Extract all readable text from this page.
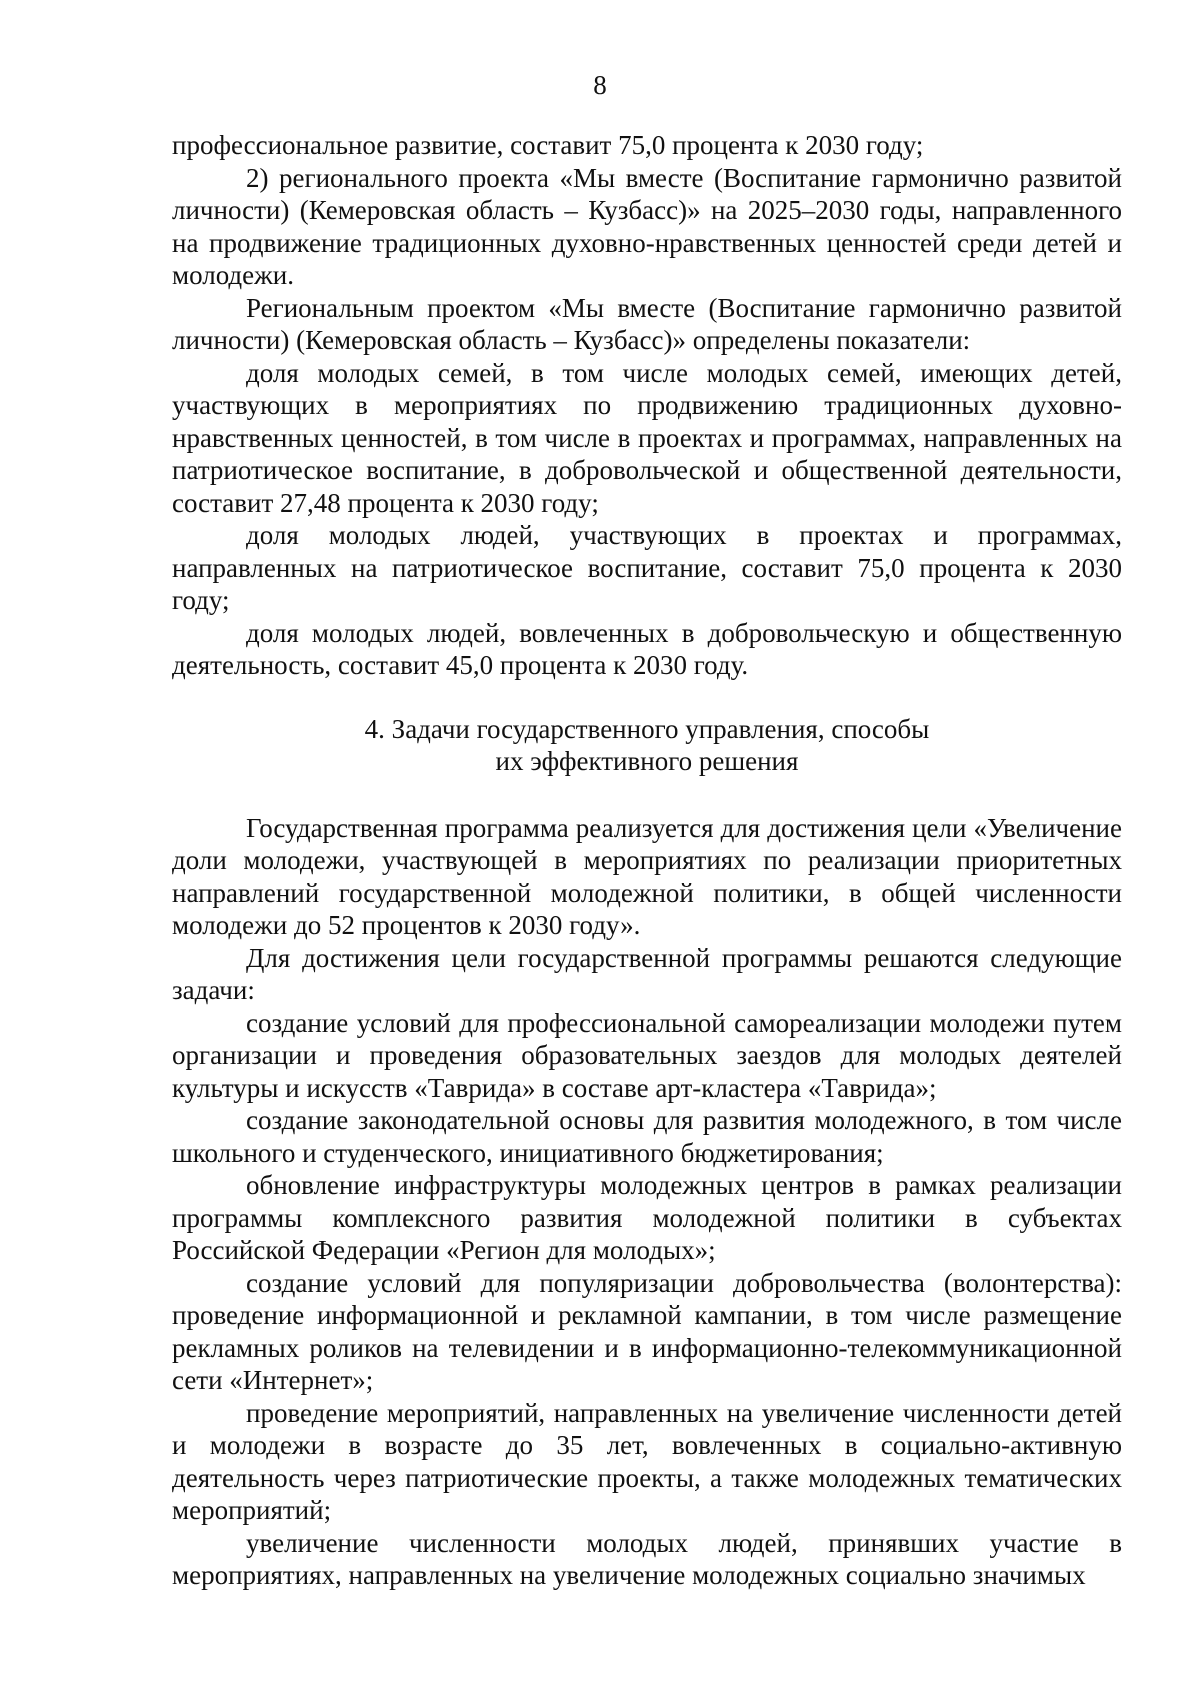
8

профессиональное развитие, составит 75,0 процента к 2030 году;

2) регионального проекта «Мы вместе (Воспитание гармонично развитой личности) (Кемеровская область – Кузбасс)» на 2025–2030 годы, направленного на продвижение традиционных духовно-нравственных ценностей среди детей и молодежи.

Региональным проектом «Мы вместе (Воспитание гармонично развитой личности) (Кемеровская область – Кузбасс)» определены показатели:

доля молодых семей, в том числе молодых семей, имеющих детей, участвующих в мероприятиях по продвижению традиционных духовно-нравственных ценностей, в том числе в проектах и программах, направленных на патриотическое воспитание, в добровольческой и общественной деятельности, составит 27,48 процента к 2030 году;

доля молодых людей, участвующих в проектах и программах, направленных на патриотическое воспитание, составит 75,0 процента к 2030 году;

доля молодых людей, вовлеченных в добровольческую и общественную деятельность, составит 45,0 процента к 2030 году.

4. Задачи государственного управления, способы
их эффективного решения

Государственная программа реализуется для достижения цели «Увеличение доли молодежи, участвующей в мероприятиях по реализации приоритетных направлений государственной молодежной политики, в общей численности молодежи до 52 процентов к 2030 году».

Для достижения цели государственной программы решаются следующие задачи:

создание условий для профессиональной самореализации молодежи путем организации и проведения образовательных заездов для молодых деятелей культуры и искусств «Таврида» в составе арт-кластера «Таврида»;

создание законодательной основы для развития молодежного, в том числе школьного и студенческого, инициативного бюджетирования;

обновление инфраструктуры молодежных центров в рамках реализации программы комплексного развития молодежной политики в субъектах Российской Федерации «Регион для молодых»;

создание условий для популяризации добровольчества (волонтерства): проведение информационной и рекламной кампании, в том числе размещение рекламных роликов на телевидении и в информационно-телекоммуникационной сети «Интернет»;

проведение мероприятий, направленных на увеличение численности детей и молодежи в возрасте до 35 лет, вовлеченных в социально-активную деятельность через патриотические проекты, а также молодежных тематических мероприятий;

увеличение численности молодых людей, принявших участие в мероприятиях, направленных на увеличение молодежных социально значимых
